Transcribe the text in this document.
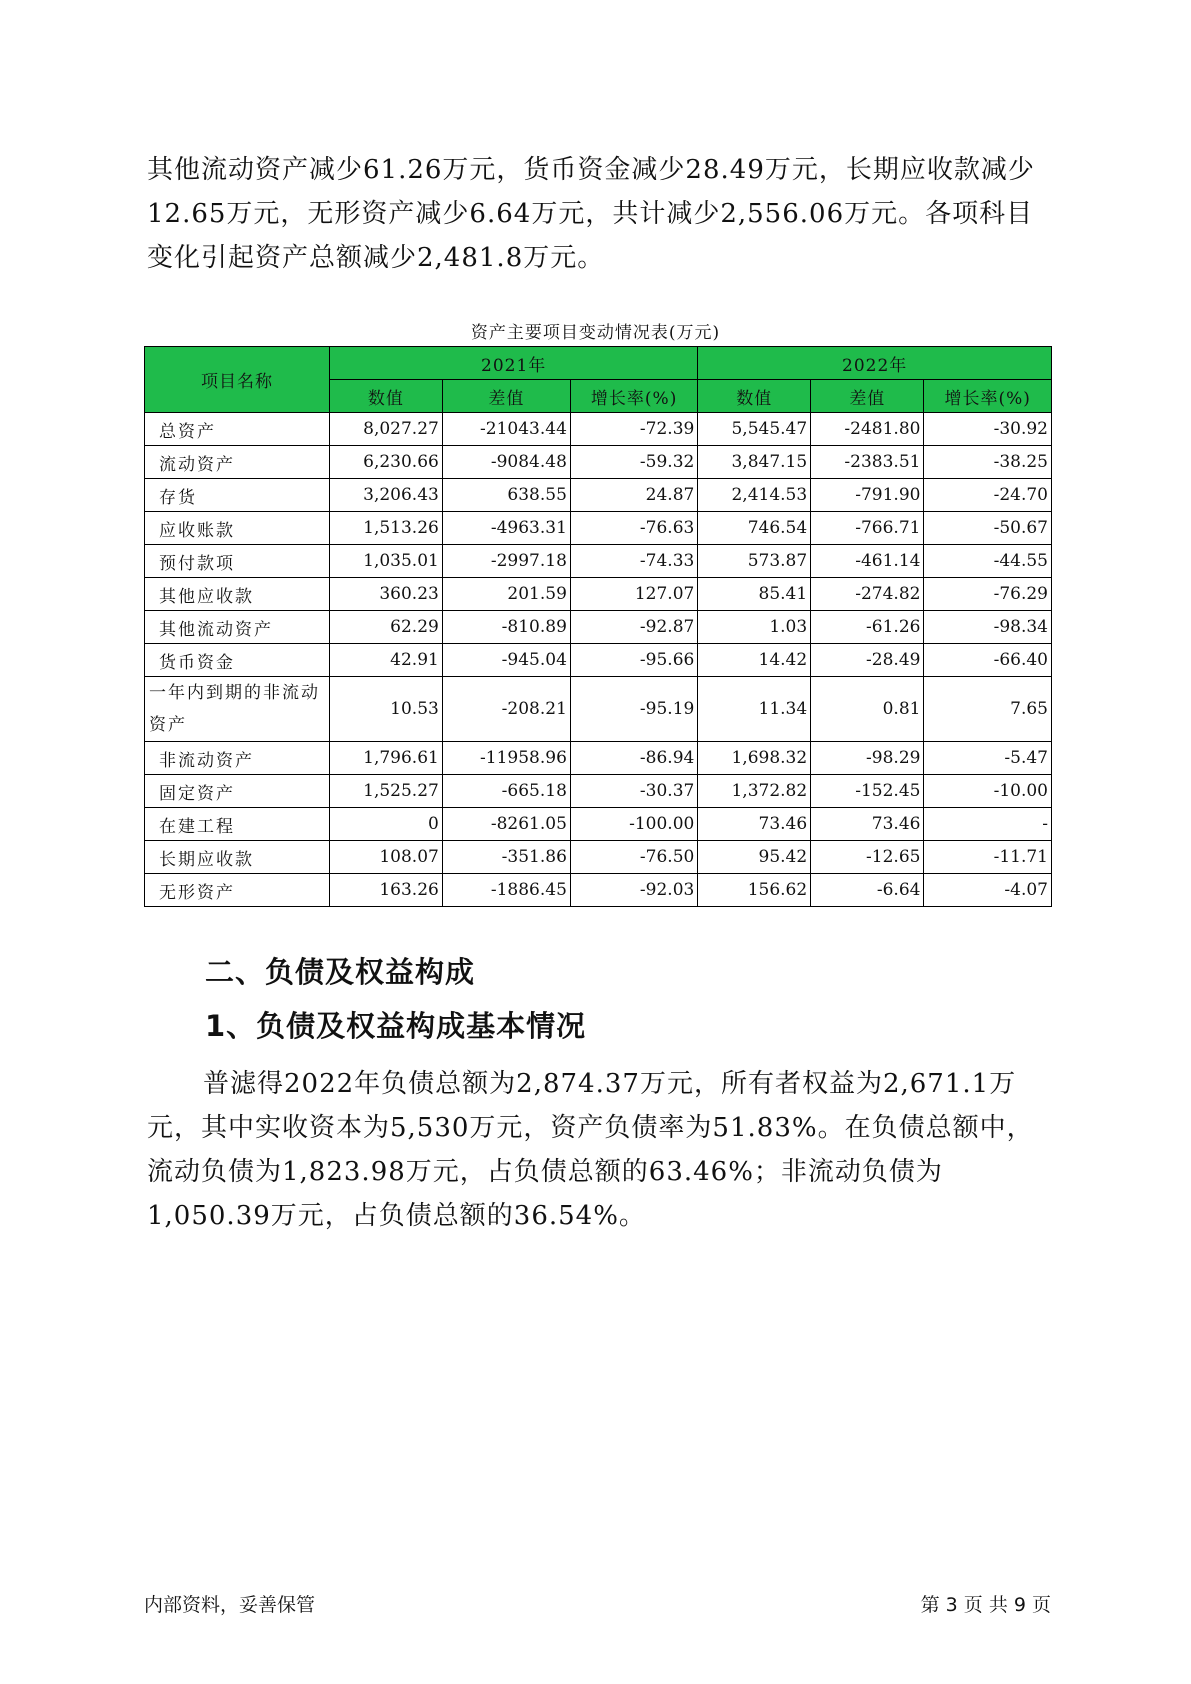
其他流动资产减少61.26万元，货币资金减少28.49万元，长期应收款减少12.65万元，无形资产减少6.64万元，共计减少2,556.06万元。各项科目变化引起资产总额减少2,481.8万元。

资产主要项目变动情况表(万元)
项目名称	2021年			2022年		
	数值	差值	增长率(%)	数值	差值	增长率(%)
总资产	8,027.27	-21043.44	-72.39	5,545.47	-2481.80	-30.92
流动资产	6,230.66	-9084.48	-59.32	3,847.15	-2383.51	-38.25
存货	3,206.43	638.55	24.87	2,414.53	-791.90	-24.70
应收账款	1,513.26	-4963.31	-76.63	746.54	-766.71	-50.67
预付款项	1,035.01	-2997.18	-74.33	573.87	-461.14	-44.55
其他应收款	360.23	201.59	127.07	85.41	-274.82	-76.29
其他流动资产	62.29	-810.89	-92.87	1.03	-61.26	-98.34
货币资金	42.91	-945.04	-95.66	14.42	-28.49	-66.40
一年内到期的非流动资产	10.53	-208.21	-95.19	11.34	0.81	7.65
非流动资产	1,796.61	-11958.96	-86.94	1,698.32	-98.29	-5.47
固定资产	1,525.27	-665.18	-30.37	1,372.82	-152.45	-10.00
在建工程	0	-8261.05	-100.00	73.46	73.46	-
长期应收款	108.07	-351.86	-76.50	95.42	-12.65	-11.71
无形资产	163.26	-1886.45	-92.03	156.62	-6.64	-4.07
二、负债及权益构成
1、负债及权益构成基本情况

普滤得2022年负债总额为2,874.37万元，所有者权益为2,671.1万元，其中实收资本为5,530万元，资产负债率为51.83%。在负债总额中，流动负债为1,823.98万元，占负债总额的63.46%；非流动负债为1,050.39万元，占负债总额的36.54%。

内部资料，妥善保管	第 3 页 共 9 页
